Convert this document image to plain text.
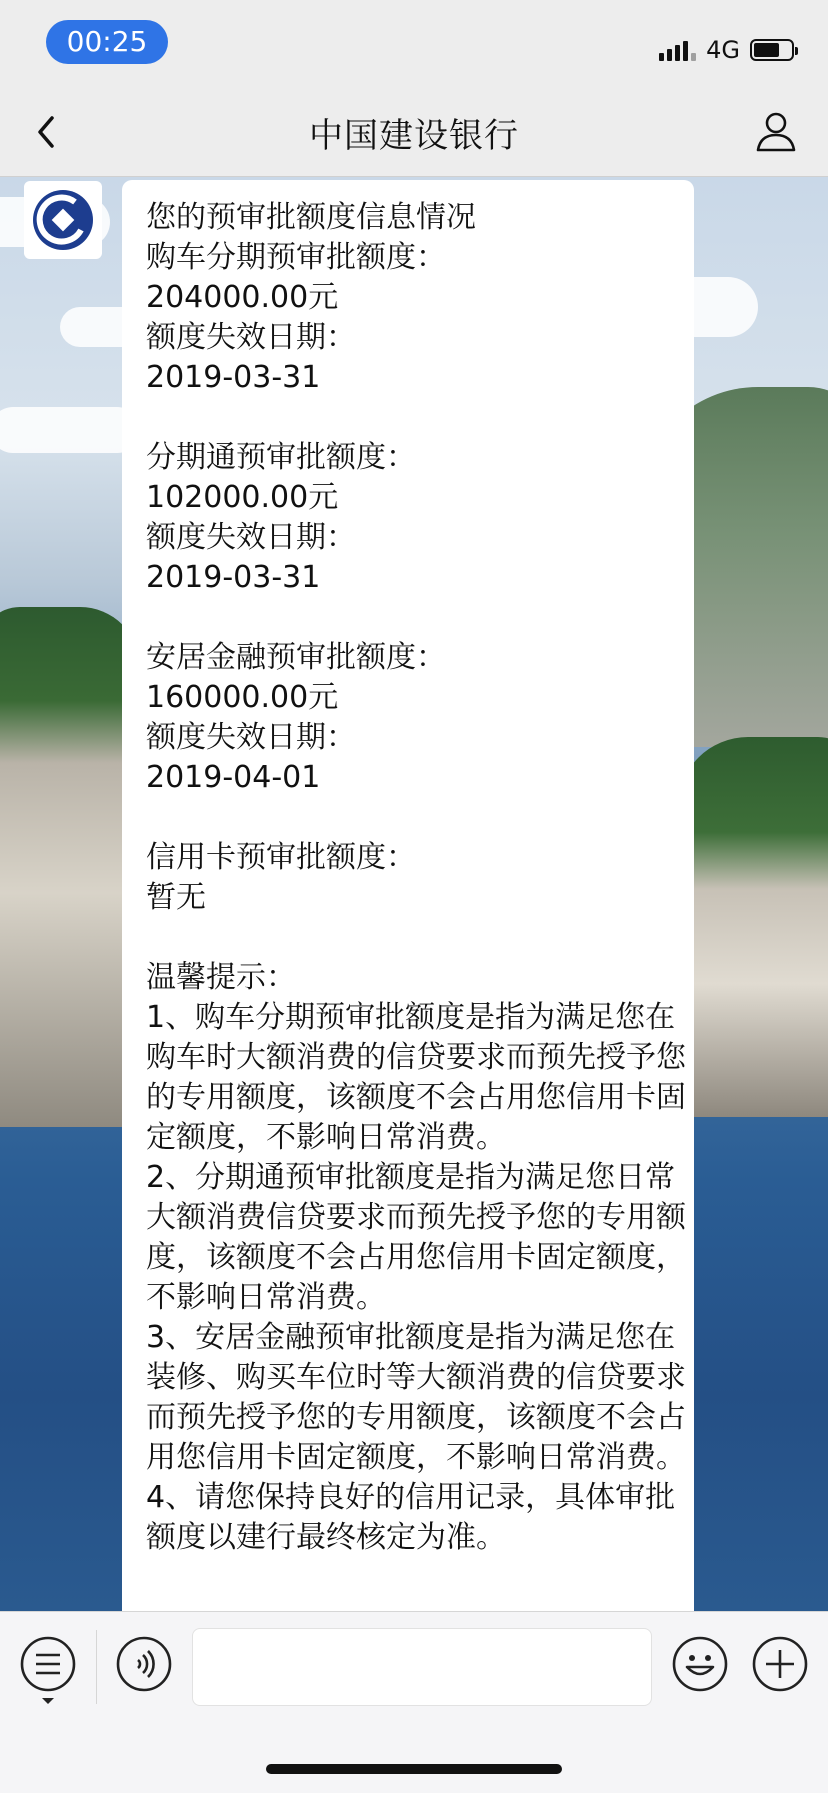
00:25	4G
中国建设银行

您的预审批额度信息情况

购车分期预审批额度：

204000.00元

额度失效日期：

2019-03-31

分期通预审批额度：

102000.00元

额度失效日期：

2019-03-31

安居金融预审批额度：

160000.00元

额度失效日期：

2019-04-01

信用卡预审批额度：

暂无

温馨提示：

1、购车分期预审批额度是指为满足您在购车时大额消费的信贷要求而预先授予您的专用额度，该额度不会占用您信用卡固定额度，不影响日常消费。

2、分期通预审批额度是指为满足您日常大额消费信贷要求而预先授予您的专用额度，该额度不会占用您信用卡固定额度，不影响日常消费。

3、安居金融预审批额度是指为满足您在装修、购买车位时等大额消费的信贷要求而预先授予您的专用额度，该额度不会占用您信用卡固定额度，不影响日常消费。

4、请您保持良好的信用记录，具体审批额度以建行最终核定为准。
